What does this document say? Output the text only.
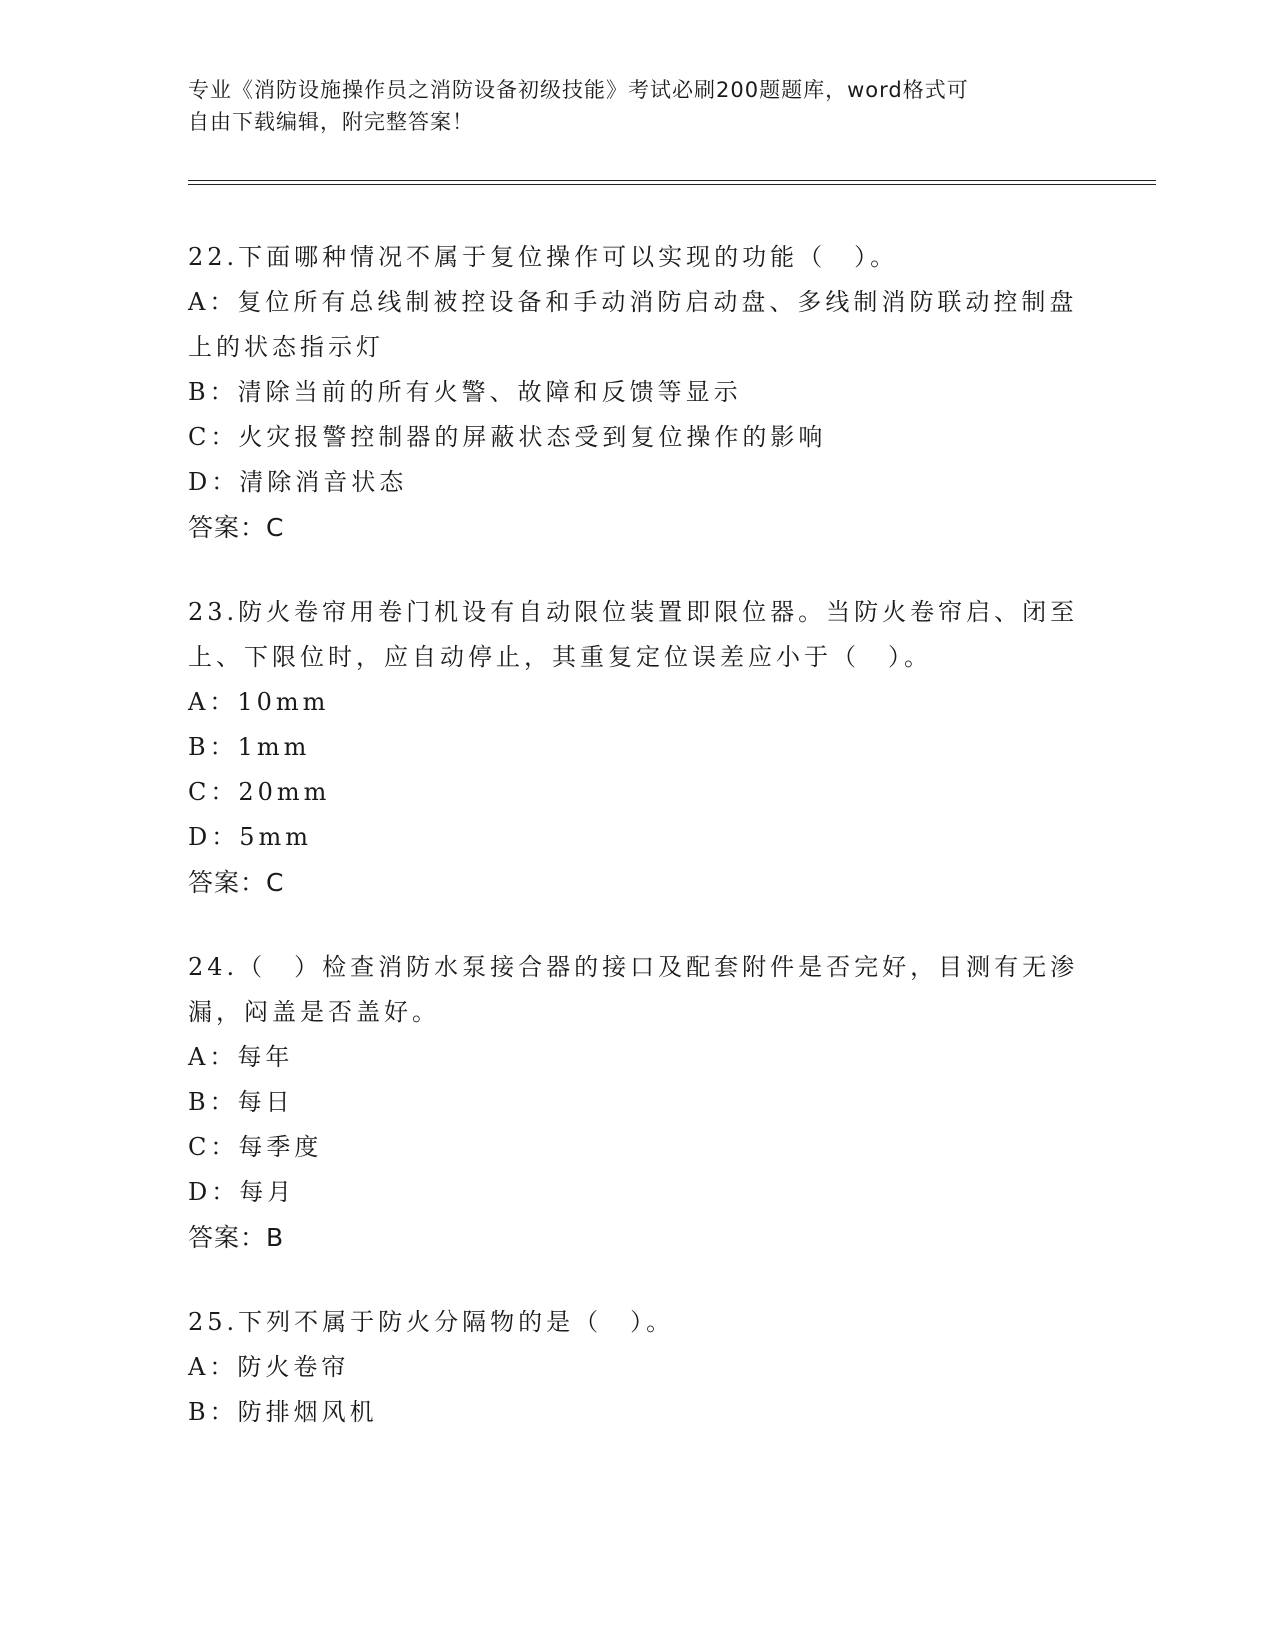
专业《消防设施操作员之消防设备初级技能》考试必刷200题题库，word格式可
自由下载编辑，附完整答案！
22.下面哪种情况不属于复位操作可以实现的功能（　）。
A：复位所有总线制被控设备和手动消防启动盘、多线制消防联动控制盘上的状态指示灯
B：清除当前的所有火警、故障和反馈等显示
C：火灾报警控制器的屏蔽状态受到复位操作的影响
D：清除消音状态
答案：C
23.防火卷帘用卷门机设有自动限位装置即限位器。当防火卷帘启、闭至上、下限位时，应自动停止，其重复定位误差应小于（　）。
A：10mm
B：1mm
C：20mm
D：5mm
答案：C
24.（　）检查消防水泵接合器的接口及配套附件是否完好，目测有无渗漏，闷盖是否盖好。
A：每年
B：每日
C：每季度
D：每月
答案：B
25.下列不属于防火分隔物的是（　）。
A：防火卷帘
B：防排烟风机
